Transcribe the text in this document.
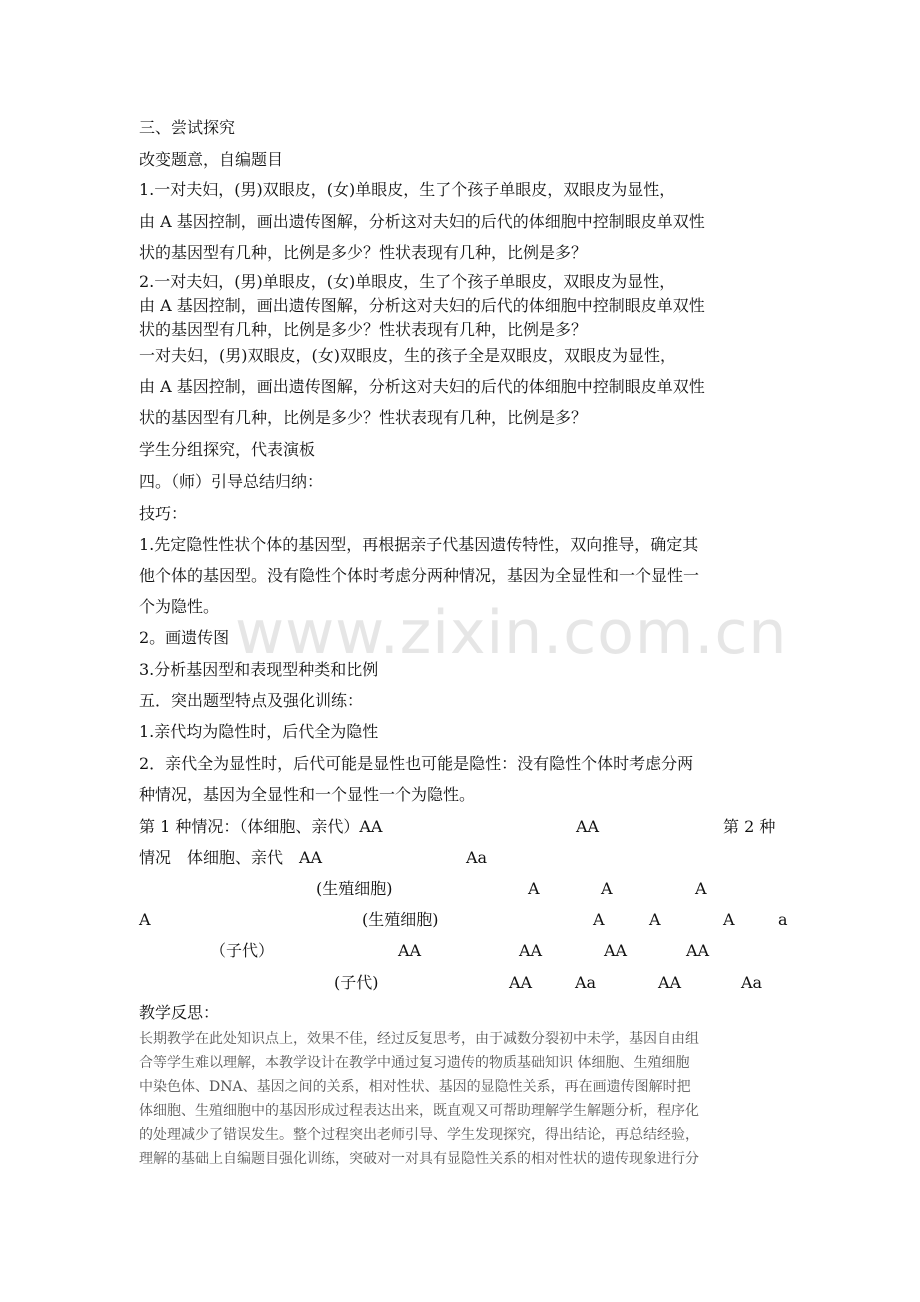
www.zixin.com.cn
三、尝试探究
改变题意，自编题目
1.一对夫妇，(男)双眼皮，(女)单眼皮，生了个孩子单眼皮，双眼皮为显性，
由 A 基因控制，画出遗传图解，分析这对夫妇的后代的体细胞中控制眼皮单双性
状的基因型有几种，比例是多少？性状表现有几种，比例是多？
2.一对夫妇，(男)单眼皮，(女)单眼皮，生了个孩子单眼皮，双眼皮为显性，
由 A 基因控制，画出遗传图解，分析这对夫妇的后代的体细胞中控制眼皮单双性
状的基因型有几种，比例是多少？性状表现有几种，比例是多？
一对夫妇，(男)双眼皮，(女)双眼皮，生的孩子全是双眼皮，双眼皮为显性，
由 A 基因控制，画出遗传图解，分析这对夫妇的后代的体细胞中控制眼皮单双性
状的基因型有几种，比例是多少？性状表现有几种，比例是多？
学生分组探究，代表演板
四。（师）引导总结归纳：
技巧：
1.先定隐性性状个体的基因型，再根据亲子代基因遗传特性，双向推导，确定其
他个体的基因型。没有隐性个体时考虑分两种情况，基因为全显性和一个显性一
个为隐性。
2。画遗传图
3.分析基因型和表现型种类和比例
五．突出题型特点及强化训练：
1.亲代均为隐性时，后代全为隐性
2．亲代全为显性时，后代可能是显性也可能是隐性：没有隐性个体时考虑分两
种情况，基因为全显性和一个显性一个为隐性。
第 1 种情况：（体细胞、亲代）AA	AA	第 2 种
情况　体细胞、亲代　AA	Aa
(生殖细胞)	A	A	A
A	(生殖细胞)	A	A	A	a
（子代）	AA	AA	AA	AA
(子代)	AA	Aa	AA	Aa
教学反思：
长期教学在此处知识点上，效果不佳，经过反复思考，由于减数分裂初中未学，基因自由组
合等学生难以理解，本教学设计在教学中通过复习遗传的物质基础知识 体细胞、生殖细胞
中染色体、DNA、基因之间的关系，相对性状、基因的显隐性关系，再在画遗传图解时把
体细胞、生殖细胞中的基因形成过程表达出来，既直观又可帮助理解学生解题分析，程序化
的处理减少了错误发生。整个过程突出老师引导、学生发现探究，得出结论，再总结经验，
理解的基础上自编题目强化训练，突破对一对具有显隐性关系的相对性状的遗传现象进行分
